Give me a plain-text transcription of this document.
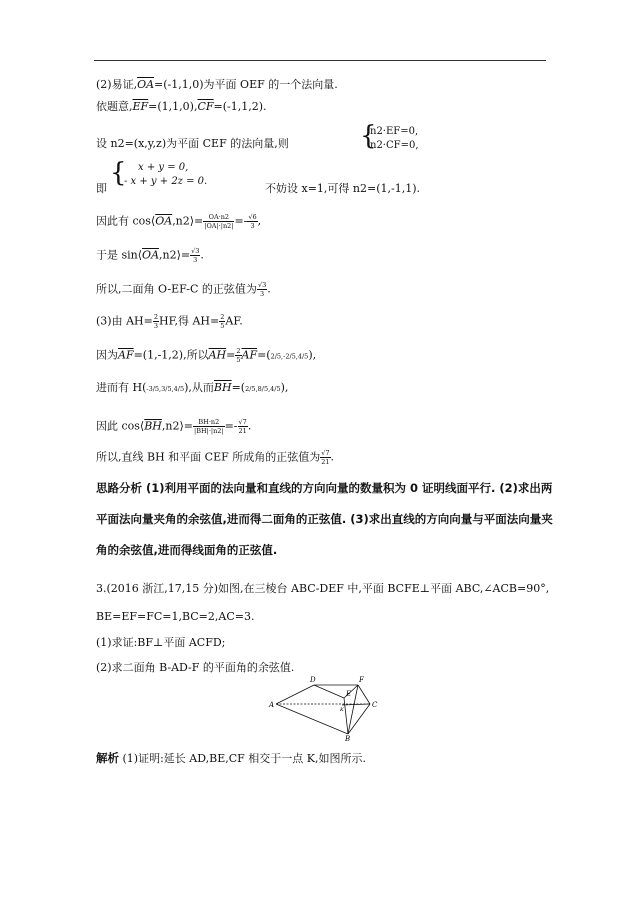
(2)易证$,\overline{OA}=(-1,1,0)$为平面 OEF 的一个法向量.
依题意$,\overline{EF}=(1,1,0),\overline{CF}=(-1,1,2)$.
{
n2·EF=0,
n2·CF=0,
设 n2=(x,y,z)为平面 CEF 的法向量,则
{	x + y = 0,
- x + y + 2z = 0.
即	不妨设 x=1,可得 n2=(1,-1,1).
因此有 $\cos⟨\overline{OA},n2⟩= \frac{OA\cdot n2}{|OA|\cdot|n2|} =- \frac{√6}{3}$ ,
于是 $\sin⟨\overline{OA},n2⟩= \frac{√3}{3}$ .
所以,二面角 O-EF-C 的正弦值为 $\frac{√3}{3}$ .
(3)由 $AH= \frac{2}{3}$ HF,得 $AH= \frac{2}{5}$ AF.
因为$\overline{AF}=(1,-1,2)$,所以$\overline{AH}= \frac{2}{5} \overline{AF}=(2/5,-2/5,4/5)$,
进而有 H(-3/5,3/5,4/5),从而$\overline{BH}=(2/5,8/5,4/5)$,
因此 $\cos⟨\overline{BH},n2⟩= \frac{BH\cdot n2}{|BH|\cdot|n2|} =- \frac{√7}{21}$ .
所以,直线 BH 和平面 CEF 所成角的正弦值为 $\frac{√7}{21}$ .
思路分析 (1)利用平面的法向量和直线的方向向量的数量积为 0 证明线面平行. (2)求出两
平面法向量夹角的余弦值,进而得二面角的正弦值. (3)求出直线的方向向量与平面法向量夹
角的余弦值,进而得线面角的正弦值.
3.(2016 浙江,17,15 分)如图,在三棱台 ABC-DEF 中,平面 BCFE⊥平面 ABC,∠ACB=90°,
BE=EF=FC=1,BC=2,AC=3.
(1)求证:BF⊥平面 ACFD;
(2)求二面角 B-AD-F 的平面角的余弦值.
A
D	F
E
K
C
B
解析 (1)证明:延长 AD,BE,CF 相交于一点 K,如图所示.
